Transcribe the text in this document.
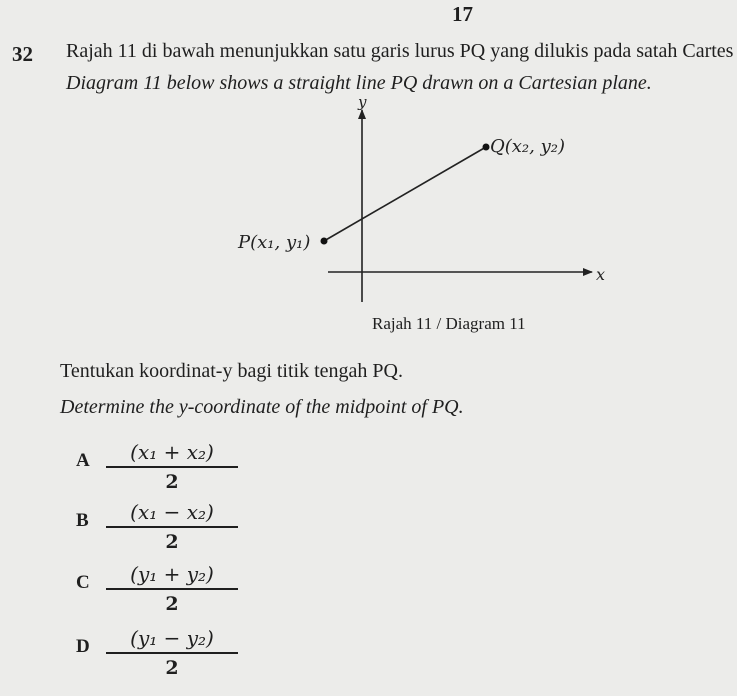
17
32 Rajah 11 di bawah menunjukkan satu garis lurus PQ yang dilukis pada satah Cartes
Diagram 11 below shows a straight line PQ drawn on a Cartesian plane.
y
x
P(x₁, y₁)
Q(x₂, y₂)
Rajah 11 / Diagram 11
Tentukan koordinat-y bagi titik tengah PQ.
Determine the y-coordinate of the midpoint of PQ.
A	(x₁ + x₂)
2
B	(x₁ − x₂)
2
C	(y₁ + y₂)
2
D	(y₁ − y₂)
2
